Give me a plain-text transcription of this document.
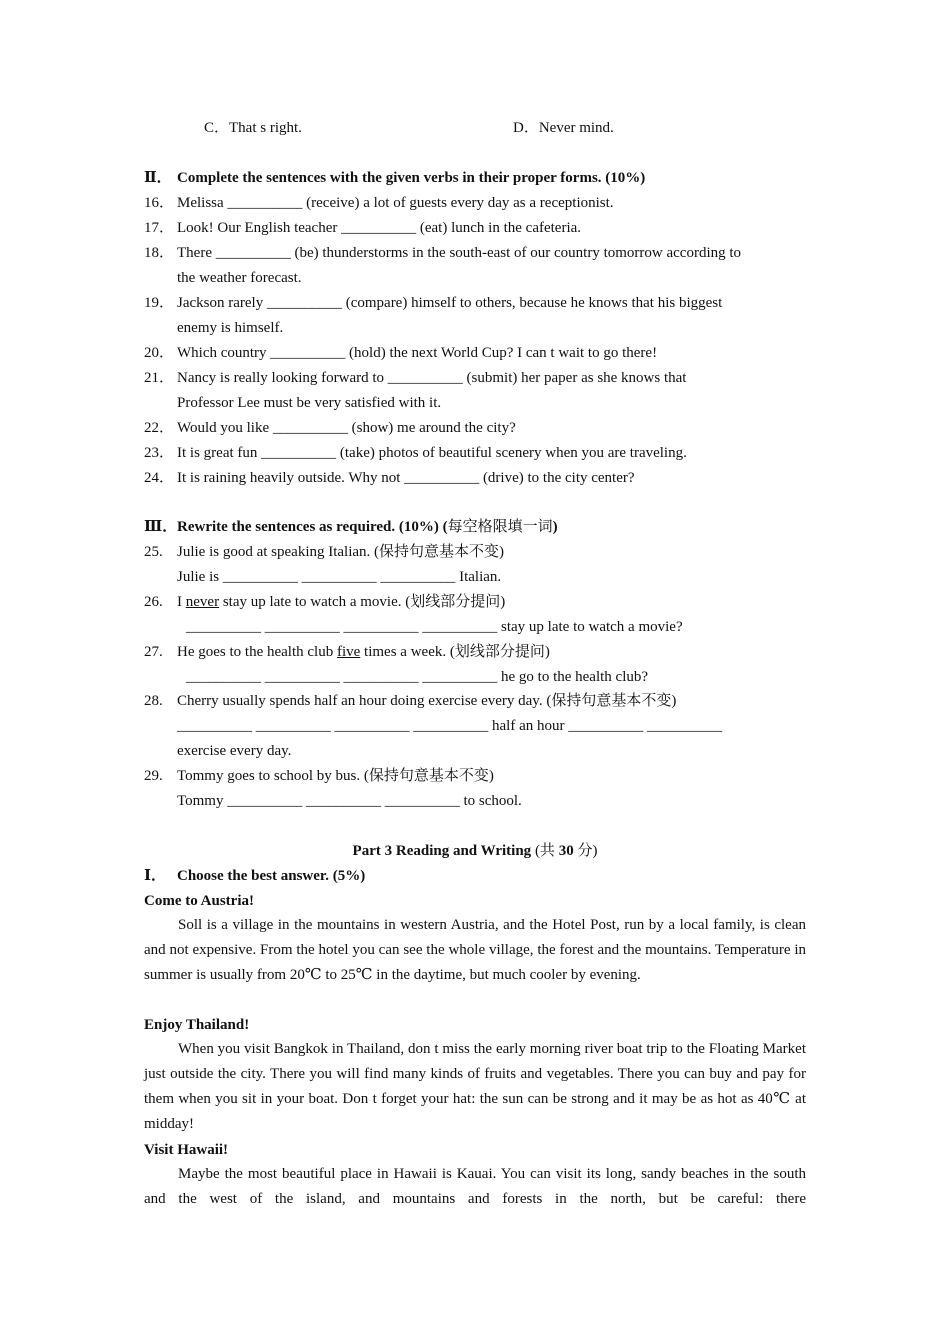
C．That s right.	D．Never mind.
Ⅱ． Complete the sentences with the given verbs in their proper forms. (10%)
16． Melissa __________ (receive) a lot of guests every day as a receptionist.
17． Look! Our English teacher __________ (eat) lunch in the cafeteria.
18． There __________ (be) thunderstorms in the south-east of our country tomorrow according to
the weather forecast.
19． Jackson rarely __________ (compare) himself to others, because he knows that his biggest
enemy is himself.
20． Which country __________ (hold) the next World Cup? I can t wait to go there!
21． Nancy is really looking forward to __________ (submit) her paper as she knows that
Professor Lee must be very satisfied with it.
22． Would you like __________ (show) me around the city?
23． It is great fun __________ (take) photos of beautiful scenery when you are traveling.
24． It is raining heavily outside. Why not __________ (drive) to the city center?
Ⅲ． Rewrite the sentences as required. (10%) (每空格限填一词)
25. Julie is good at speaking Italian. (保持句意基本不变)
Julie is __________ __________ __________ Italian.
26. I never stay up late to watch a movie. (划线部分提问)
__________ __________ __________ __________ stay up late to watch a movie?
27. He goes to the health club five times a week. (划线部分提问)
__________ __________ __________ __________ he go to the health club?
28. Cherry usually spends half an hour doing exercise every day. (保持句意基本不变)
__________ __________ __________ __________ half an hour __________ __________
exercise every day.
29. Tommy goes to school by bus. (保持句意基本不变)
Tommy __________ __________ __________ to school.
Part 3 Reading and Writing (共 30 分)
Ⅰ． Choose the best answer. (5%)
Come to Austria!
Soll is a village in the mountains in western Austria, and the Hotel Post, run by a local family, is clean and not expensive. From the hotel you can see the whole village, the forest and the mountains. Temperature in summer is usually from 20℃ to 25℃ in the daytime, but much cooler by evening.
Enjoy Thailand!
When you visit Bangkok in Thailand, don t miss the early morning river boat trip to the Floating Market just outside the city. There you will find many kinds of fruits and vegetables. There you can buy and pay for them when you sit in your boat. Don t forget your hat: the sun can be strong and it may be as hot as 40℃ at midday!
Visit Hawaii!
Maybe the most beautiful place in Hawaii is Kauai. You can visit its long, sandy beaches in the south and the west of the island, and mountains and forests in the north, but be careful: there
